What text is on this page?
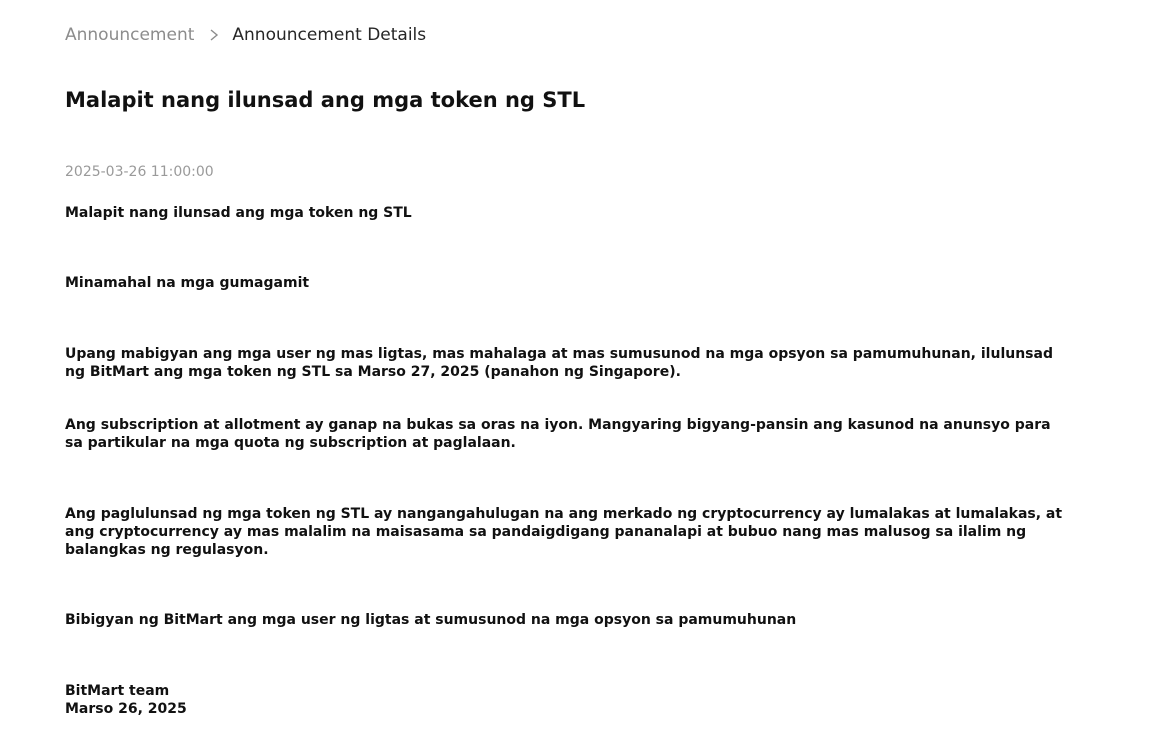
Announcement Announcement Details
Malapit nang ilunsad ang mga token ng STL
2025-03-26 11:00:00

Malapit nang ilunsad ang mga token ng STL

Minamahal na mga gumagamit

Upang mabigyan ang mga user ng mas ligtas, mas mahalaga at mas sumusunod na mga opsyon sa pamumuhunan, ilulunsad ng BitMart ang mga token ng STL sa Marso 27, 2025 (panahon ng Singapore).

Ang subscription at allotment ay ganap na bukas sa oras na iyon. Mangyaring bigyang-pansin ang kasunod na anunsyo para sa partikular na mga quota ng subscription at paglalaan.

Ang paglulunsad ng mga token ng STL ay nangangahulugan na ang merkado ng cryptocurrency ay lumalakas at lumalakas, at ang cryptocurrency ay mas malalim na maisasama sa pandaigdigang pananalapi at bubuo nang mas malusog sa ilalim ng balangkas ng regulasyon.

Bibigyan ng BitMart ang mga user ng ligtas at sumusunod na mga opsyon sa pamumuhunan

BitMart team
Marso 26, 2025
